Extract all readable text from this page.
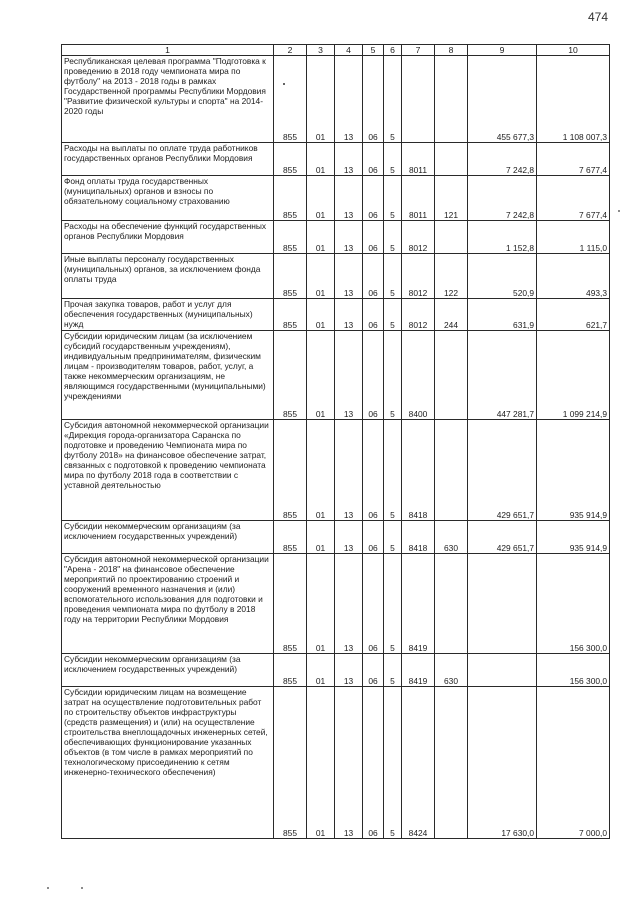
474
1	2	3	4	5	6	7	8	9	10
Республиканская целевая программа "Подготовка к проведению в 2018 году чемпионата мира по футболу" на 2013 - 2018 годы в рамках Государственной программы Республики Мордовия "Развитие физической культуры и спорта" на 2014-2020 годы	855	01	13	06	5			455 677,3	1 108 007,3
Расходы на выплаты по оплате труда работников государственных органов Республики Мордовия	855	01	13	06	5	8011		7 242,8	7 677,4
Фонд оплаты труда государственных (муниципальных) органов и взносы по обязательному социальному страхованию	855	01	13	06	5	8011	121	7 242,8	7 677,4
Расходы на обеспечение функций государственных органов Республики Мордовия	855	01	13	06	5	8012		1 152,8	1 115,0
Иные выплаты персоналу государственных (муниципальных) органов, за исключением фонда оплаты труда	855	01	13	06	5	8012	122	520,9	493,3
Прочая закупка товаров, работ и услуг для обеспечения государственных (муниципальных) нужд	855	01	13	06	5	8012	244	631,9	621,7
Субсидии юридическим лицам (за исключением субсидий государственным учреждениям), индивидуальным предпринимателям, физическим лицам - производителям товаров, работ, услуг, а также некоммерческим организациям, не являющимся государственными (муниципальными) учреждениями	855	01	13	06	5	8400		447 281,7	1 099 214,9
Субсидия автономной некоммерческой организации «Дирекция города-организатора Саранска по подготовке и проведению Чемпионата мира по футболу 2018» на финансовое обеспечение затрат, связанных с подготовкой к проведению чемпионата мира по футболу 2018 года в соответствии с уставной деятельностью	855	01	13	06	5	8418		429 651,7	935 914,9
Субсидии некоммерческим организациям (за исключением государственных учреждений)	855	01	13	06	5	8418	630	429 651,7	935 914,9
Субсидия автономной некоммерческой организации "Арена - 2018" на финансовое обеспечение мероприятий по проектированию строений и сооружений временного назначения и (или) вспомогательного использования для подготовки и проведения чемпионата мира по футболу в 2018 году на территории Республики Мордовия	855	01	13	06	5	8419			156 300,0
Субсидии некоммерческим организациям (за исключением государственных учреждений)	855	01	13	06	5	8419	630		156 300,0
Субсидии юридическим лицам на возмещение затрат на осуществление подготовительных работ по строительству объектов инфраструктуры (средств размещения) и (или) на осуществление строительства внеплощадочных инженерных сетей, обеспечивающих функционирование указанных объектов (в том числе в рамках мероприятий по технологическому присоединению к сетям инженерно-технического обеспечения)	855	01	13	06	5	8424		17 630,0	7 000,0
